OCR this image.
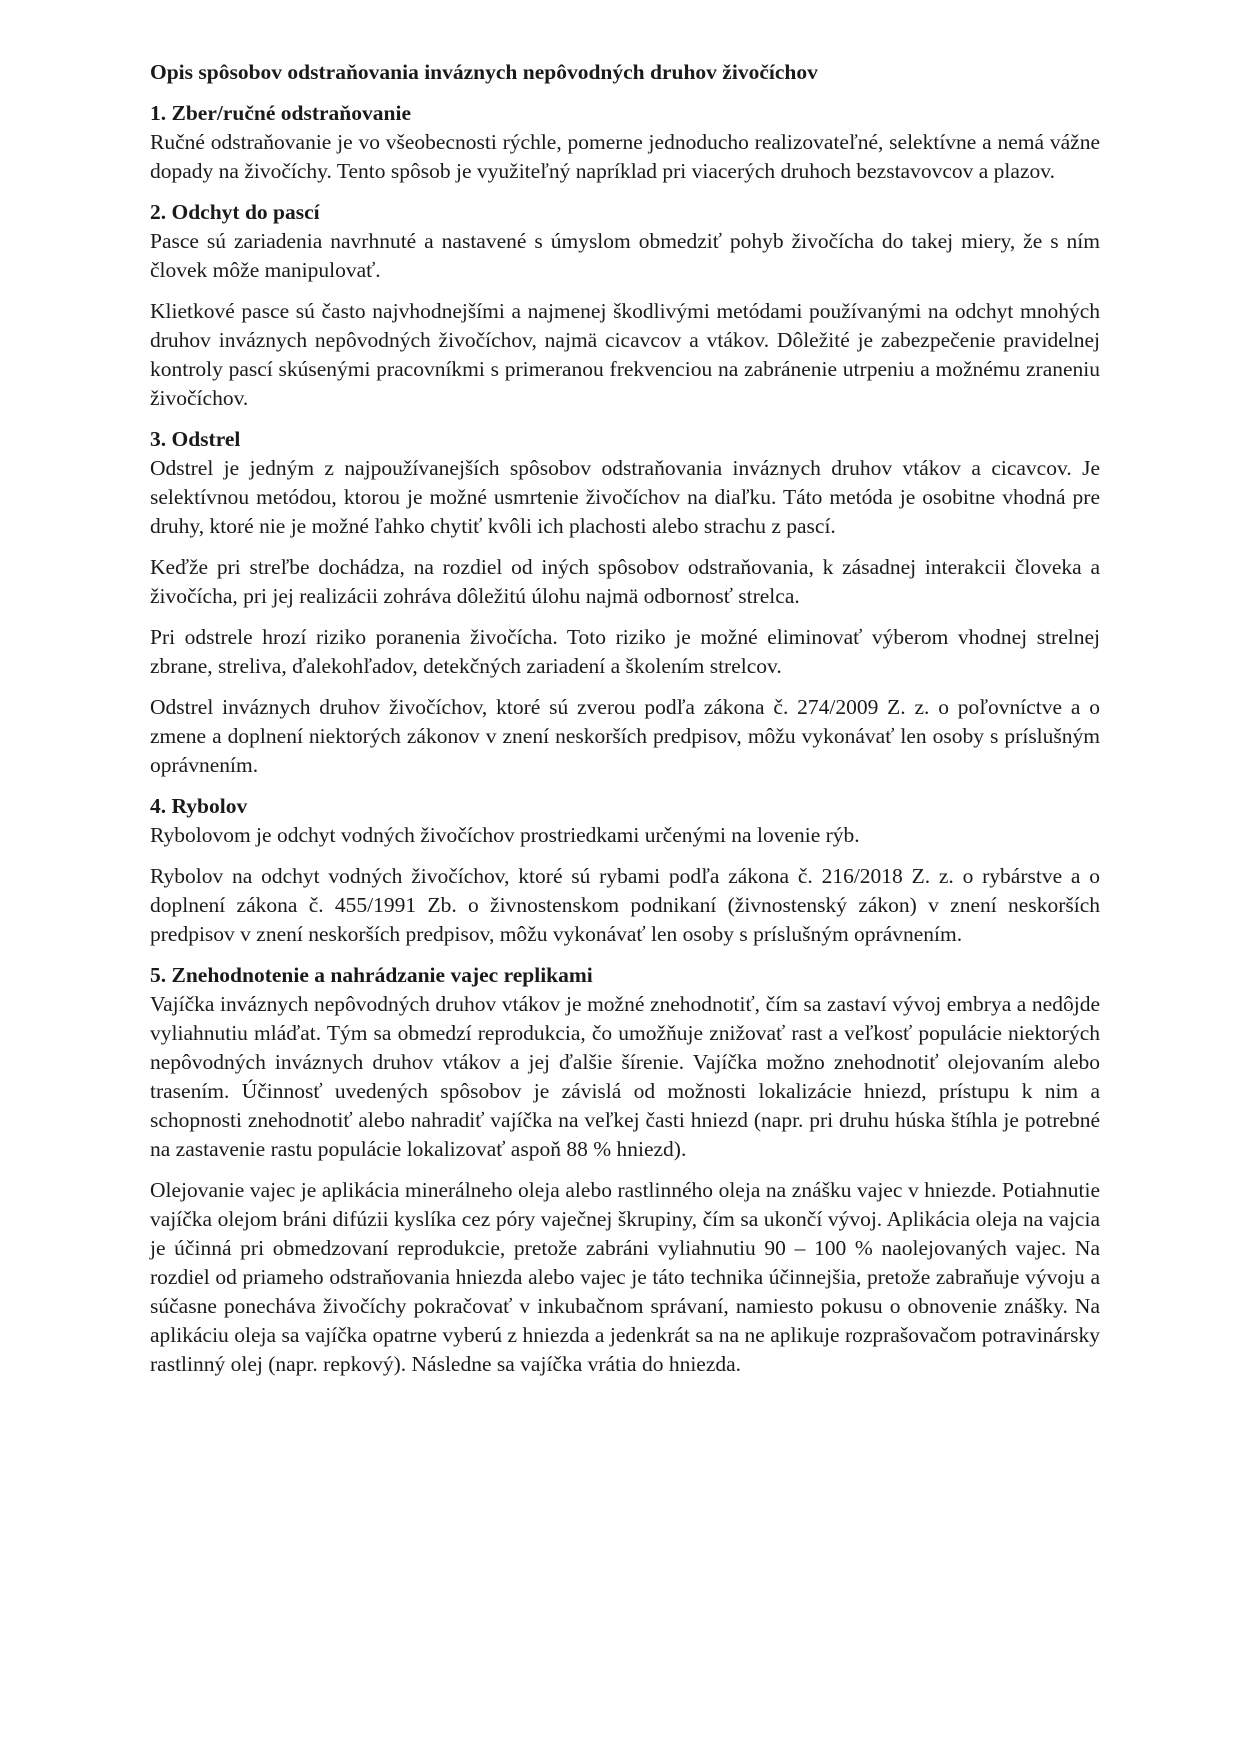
Opis spôsobov odstraňovania inváznych nepôvodných druhov živočíchov

1. Zber/ručné odstraňovanie

Ručné odstraňovanie je vo všeobecnosti rýchle, pomerne jednoducho realizovateľné, selektívne a nemá vážne dopady na živočíchy. Tento spôsob je využiteľný napríklad pri viacerých druhoch bezstavovcov a plazov.

2. Odchyt do pascí

Pasce sú zariadenia navrhnuté a nastavené s úmyslom obmedziť pohyb živočícha do takej miery, že s ním človek môže manipulovať.

Klietkové pasce sú často najvhodnejšími a najmenej škodlivými metódami používanými na odchyt mnohých druhov inváznych nepôvodných živočíchov, najmä cicavcov a vtákov. Dôležité je zabezpečenie pravidelnej kontroly pascí skúsenými pracovníkmi s primeranou frekvenciou na zabránenie utrpeniu a možnému zraneniu živočíchov.

3. Odstrel

Odstrel je jedným z najpoužívanejších spôsobov odstraňovania inváznych druhov vtákov a cicavcov. Je selektívnou metódou, ktorou je možné usmrtenie živočíchov na diaľku. Táto metóda je osobitne vhodná pre druhy, ktoré nie je možné ľahko chytiť kvôli ich plachosti alebo strachu z pascí.

Keďže pri streľbe dochádza, na rozdiel od iných spôsobov odstraňovania, k zásadnej interakcii človeka a živočícha, pri jej realizácii zohráva dôležitú úlohu najmä odbornosť strelca.

Pri odstrele hrozí riziko poranenia živočícha. Toto riziko je možné eliminovať výberom vhodnej strelnej zbrane, streliva, ďalekohľadov, detekčných zariadení a školením strelcov.

Odstrel inváznych druhov živočíchov, ktoré sú zverou podľa zákona č. 274/2009 Z. z. o poľovníctve a o zmene a doplnení niektorých zákonov v znení neskorších predpisov, môžu vykonávať len osoby s príslušným oprávnením.

4. Rybolov

Rybolovom je odchyt vodných živočíchov prostriedkami určenými na lovenie rýb.

Rybolov na odchyt vodných živočíchov, ktoré sú rybami podľa zákona č. 216/2018 Z. z. o rybárstve a o doplnení zákona č. 455/1991 Zb. o živnostenskom podnikaní (živnostenský zákon) v znení neskorších predpisov v znení neskorších predpisov, môžu vykonávať len osoby s príslušným oprávnením.

5. Znehodnotenie a nahrádzanie vajec replikami

Vajíčka inváznych nepôvodných druhov vtákov je možné znehodnotiť, čím sa zastaví vývoj embrya a nedôjde vyliahnutiu mláďat. Tým sa obmedzí reprodukcia, čo umožňuje znižovať rast a veľkosť populácie niektorých nepôvodných inváznych druhov vtákov a jej ďalšie šírenie. Vajíčka možno znehodnotiť olejovaním alebo trasením. Účinnosť uvedených spôsobov je závislá od možnosti lokalizácie hniezd, prístupu k nim a schopnosti znehodnotiť alebo nahradiť vajíčka na veľkej časti hniezd (napr. pri druhu húska štíhla je potrebné na zastavenie rastu populácie lokalizovať aspoň 88 % hniezd).

Olejovanie vajec je aplikácia minerálneho oleja alebo rastlinného oleja na znášku vajec v hniezde. Potiahnutie vajíčka olejom bráni difúzii kyslíka cez póry vaječnej škrupiny, čím sa ukončí vývoj. Aplikácia oleja na vajcia je účinná pri obmedzovaní reprodukcie, pretože zabráni vyliahnutiu 90 – 100 % naolejovaných vajec. Na rozdiel od priameho odstraňovania hniezda alebo vajec je táto technika účinnejšia, pretože zabraňuje vývoju a súčasne ponecháva živočíchy pokračovať v inkubačnom správaní, namiesto pokusu o obnovenie znášky. Na aplikáciu oleja sa vajíčka opatrne vyberú z hniezda a jedenkrát sa na ne aplikuje rozprašovačom potravinársky rastlinný olej (napr. repkový). Následne sa vajíčka vrátia do hniezda.
